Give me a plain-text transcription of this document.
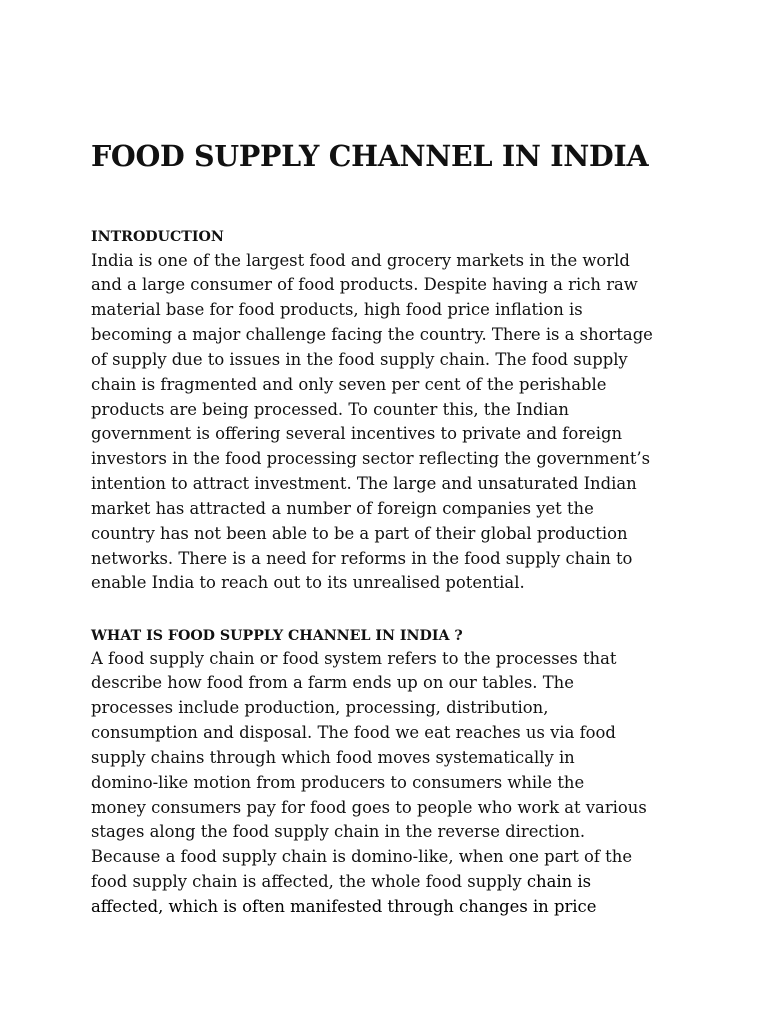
FOOD SUPPLY CHANNEL IN INDIA
INTRODUCTION

India is one of the largest food and grocery markets in the world
and a large consumer of food products. Despite having a rich raw
material base for food products, high food price inflation is
becoming a major challenge facing the country. There is a shortage
of supply due to issues in the food supply chain. The food supply
chain is fragmented and only seven per cent of the perishable
products are being processed. To counter this, the Indian
government is offering several incentives to private and foreign
investors in the food processing sector reflecting the government’s
intention to attract investment. The large and unsaturated Indian
market has attracted a number of foreign companies yet the
country has not been able to be a part of their global production
networks. There is a need for reforms in the food supply chain to
enable India to reach out to its unrealised potential.

WHAT IS FOOD SUPPLY CHANNEL IN INDIA ?

A food supply chain or food system refers to the processes that
describe how food from a farm ends up on our tables. The
processes include production, processing, distribution,
consumption and disposal. The food we eat reaches us via food
supply chains through which food moves systematically in
domino-like motion from producers to consumers while the
money consumers pay for food goes to people who work at various
stages along the food supply chain in the reverse direction.
Because a food supply chain is domino-like, when one part of the
food supply chain is affected, the whole food supply chain is
affected, which is often manifested through changes in price
